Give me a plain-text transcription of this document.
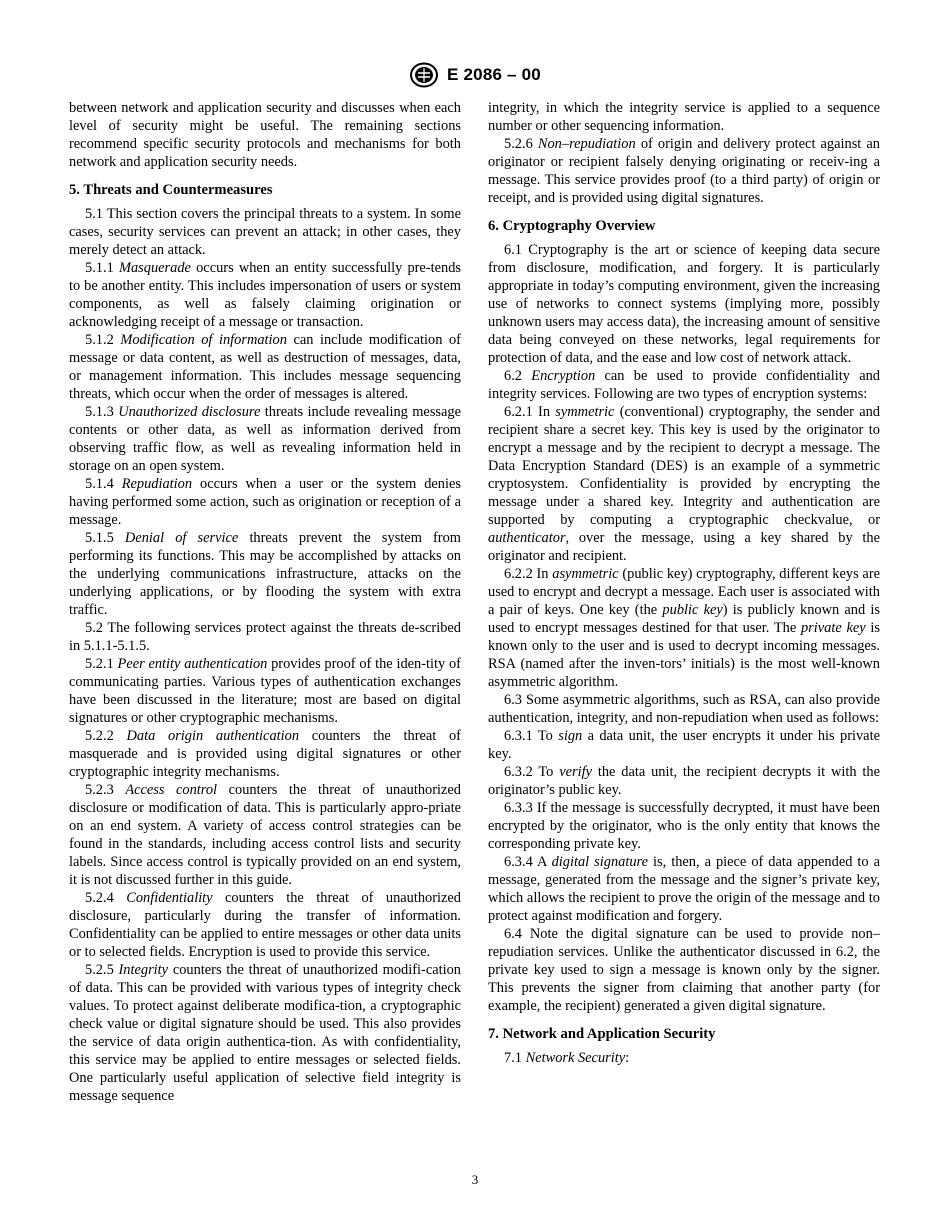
E 2086 – 00

between network and application security and discusses when each level of security might be useful. The remaining sections recommend specific security protocols and mechanisms for both network and application security needs.

5. Threats and Countermeasures

5.1 This section covers the principal threats to a system. In some cases, security services can prevent an attack; in other cases, they merely detect an attack.

5.1.1 Masquerade occurs when an entity successfully pre-tends to be another entity. This includes impersonation of users or system components, as well as falsely claiming origination or acknowledging receipt of a message or transaction.

5.1.2 Modification of information can include modification of message or data content, as well as destruction of messages, data, or management information. This includes message sequencing threats, which occur when the order of messages is altered.

5.1.3 Unauthorized disclosure threats include revealing message contents or other data, as well as information derived from observing traffic flow, as well as revealing information held in storage on an open system.

5.1.4 Repudiation occurs when a user or the system denies having performed some action, such as origination or reception of a message.

5.1.5 Denial of service threats prevent the system from performing its functions. This may be accomplished by attacks on the underlying communications infrastructure, attacks on the underlying applications, or by flooding the system with extra traffic.

5.2 The following services protect against the threats de-scribed in 5.1.1-5.1.5.

5.2.1 Peer entity authentication provides proof of the iden-tity of communicating parties. Various types of authentication exchanges have been discussed in the literature; most are based on digital signatures or other cryptographic mechanisms.

5.2.2 Data origin authentication counters the threat of masquerade and is provided using digital signatures or other cryptographic integrity mechanisms.

5.2.3 Access control counters the threat of unauthorized disclosure or modification of data. This is particularly appro-priate on an end system. A variety of access control strategies can be found in the standards, including access control lists and security labels. Since access control is typically provided on an end system, it is not discussed further in this guide.

5.2.4 Confidentiality counters the threat of unauthorized disclosure, particularly during the transfer of information. Confidentiality can be applied to entire messages or other data units or to selected fields. Encryption is used to provide this service.

5.2.5 Integrity counters the threat of unauthorized modifi-cation of data. This can be provided with various types of integrity check values. To protect against deliberate modifica-tion, a cryptographic check value or digital signature should be used. This also provides the service of data origin authentica-tion. As with confidentiality, this service may be applied to entire messages or selected fields. One particularly useful application of selective field integrity is message sequence

integrity, in which the integrity service is applied to a sequence number or other sequencing information.

5.2.6 Non–repudiation of origin and delivery protect against an originator or recipient falsely denying originating or receiv-ing a message. This service provides proof (to a third party) of origin or receipt, and is provided using digital signatures.

6. Cryptography Overview

6.1 Cryptography is the art or science of keeping data secure from disclosure, modification, and forgery. It is particularly appropriate in today’s computing environment, given the increasing use of networks to connect systems (implying more, possibly unknown users may access data), the increasing amount of sensitive data being conveyed on these networks, legal requirements for protection of data, and the ease and low cost of network attack.

6.2 Encryption can be used to provide confidentiality and integrity services. Following are two types of encryption systems:

6.2.1 In symmetric (conventional) cryptography, the sender and recipient share a secret key. This key is used by the originator to encrypt a message and by the recipient to decrypt a message. The Data Encryption Standard (DES) is an example of a symmetric cryptosystem. Confidentiality is provided by encrypting the message under a shared key. Integrity and authentication are supported by computing a cryptographic checkvalue, or authenticator, over the message, using a key shared by the originator and recipient.

6.2.2 In asymmetric (public key) cryptography, different keys are used to encrypt and decrypt a message. Each user is associated with a pair of keys. One key (the public key) is publicly known and is used to encrypt messages destined for that user. The private key is known only to the user and is used to decrypt incoming messages. RSA (named after the inven-tors’ initials) is the most well-known asymmetric algorithm.

6.3 Some asymmetric algorithms, such as RSA, can also provide authentication, integrity, and non-repudiation when used as follows:

6.3.1 To sign a data unit, the user encrypts it under his private key.

6.3.2 To verify the data unit, the recipient decrypts it with the originator’s public key.

6.3.3 If the message is successfully decrypted, it must have been encrypted by the originator, who is the only entity that knows the corresponding private key.

6.3.4 A digital signature is, then, a piece of data appended to a message, generated from the message and the signer’s private key, which allows the recipient to prove the origin of the message and to protect against modification and forgery.

6.4 Note the digital signature can be used to provide non–repudiation services. Unlike the authenticator discussed in 6.2, the private key used to sign a message is known only by the signer. This prevents the signer from claiming that another party (for example, the recipient) generated a given digital signature.

7. Network and Application Security

7.1 Network Security:

3
